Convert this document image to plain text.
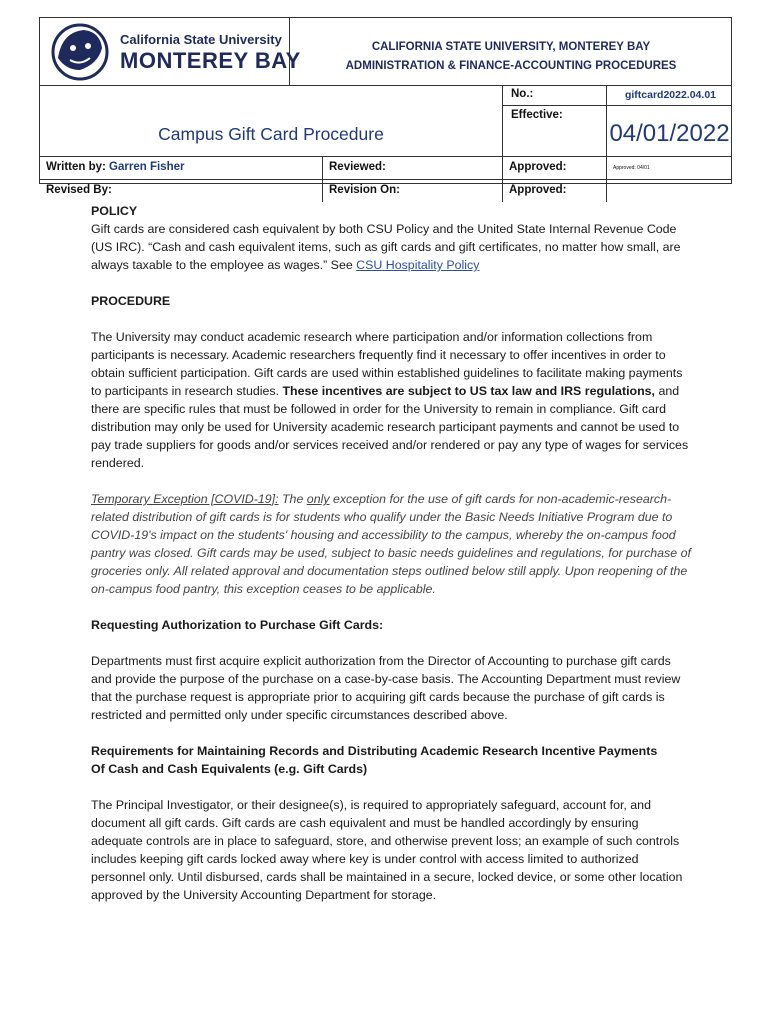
California State University
MONTEREY BAY
CALIFORNIA STATE UNIVERSITY, MONTEREY BAY
ADMINISTRATION & FINANCE-ACCOUNTING PROCEDURES
Campus Gift Card Procedure
No.:	giftcard2022.04.01
Effective:
04/01/2022
Written by: Garren Fisher	Reviewed:	Approved:	Approved: 04/01
Revised By:	Revision On:	Approved:

POLICY

Gift cards are considered cash equivalent by both CSU Policy and the United State Internal Revenue Code (US IRC). “Cash and cash equivalent items, such as gift cards and gift certificates, no matter how small, are always taxable to the employee as wages.” See CSU Hospitality Policy

PROCEDURE

The University may conduct academic research where participation and/or information collections from participants is necessary. Academic researchers frequently find it necessary to offer incentives in order to obtain sufficient participation. Gift cards are used within established guidelines to facilitate making payments to participants in research studies. These incentives are subject to US tax law and IRS regulations, and there are specific rules that must be followed in order for the University to remain in compliance. Gift card distribution may only be used for University academic research participant payments and cannot be used to pay trade suppliers for goods and/or services received and/or rendered or pay any type of wages for services rendered.

Temporary Exception [COVID-19]: The only exception for the use of gift cards for non-academic-research-related distribution of gift cards is for students who qualify under the Basic Needs Initiative Program due to COVID-19's impact on the students' housing and accessibility to the campus, whereby the on-campus food pantry was closed. Gift cards may be used, subject to basic needs guidelines and regulations, for purchase of groceries only. All related approval and documentation steps outlined below still apply. Upon reopening of the on-campus food pantry, this exception ceases to be applicable.

Requesting Authorization to Purchase Gift Cards:

Departments must first acquire explicit authorization from the Director of Accounting to purchase gift cards and provide the purpose of the purchase on a case-by-case basis. The Accounting Department must review that the purchase request is appropriate prior to acquiring gift cards because the purchase of gift cards is restricted and permitted only under specific circumstances described above.

Requirements for Maintaining Records and Distributing Academic Research Incentive Payments
Of Cash and Cash Equivalents (e.g. Gift Cards)

The Principal Investigator, or their designee(s), is required to appropriately safeguard, account for, and document all gift cards. Gift cards are cash equivalent and must be handled accordingly by ensuring adequate controls are in place to safeguard, store, and otherwise prevent loss; an example of such controls includes keeping gift cards locked away where key is under control with access limited to authorized personnel only. Until disbursed, cards shall be maintained in a secure, locked device, or some other location approved by the University Accounting Department for storage.
